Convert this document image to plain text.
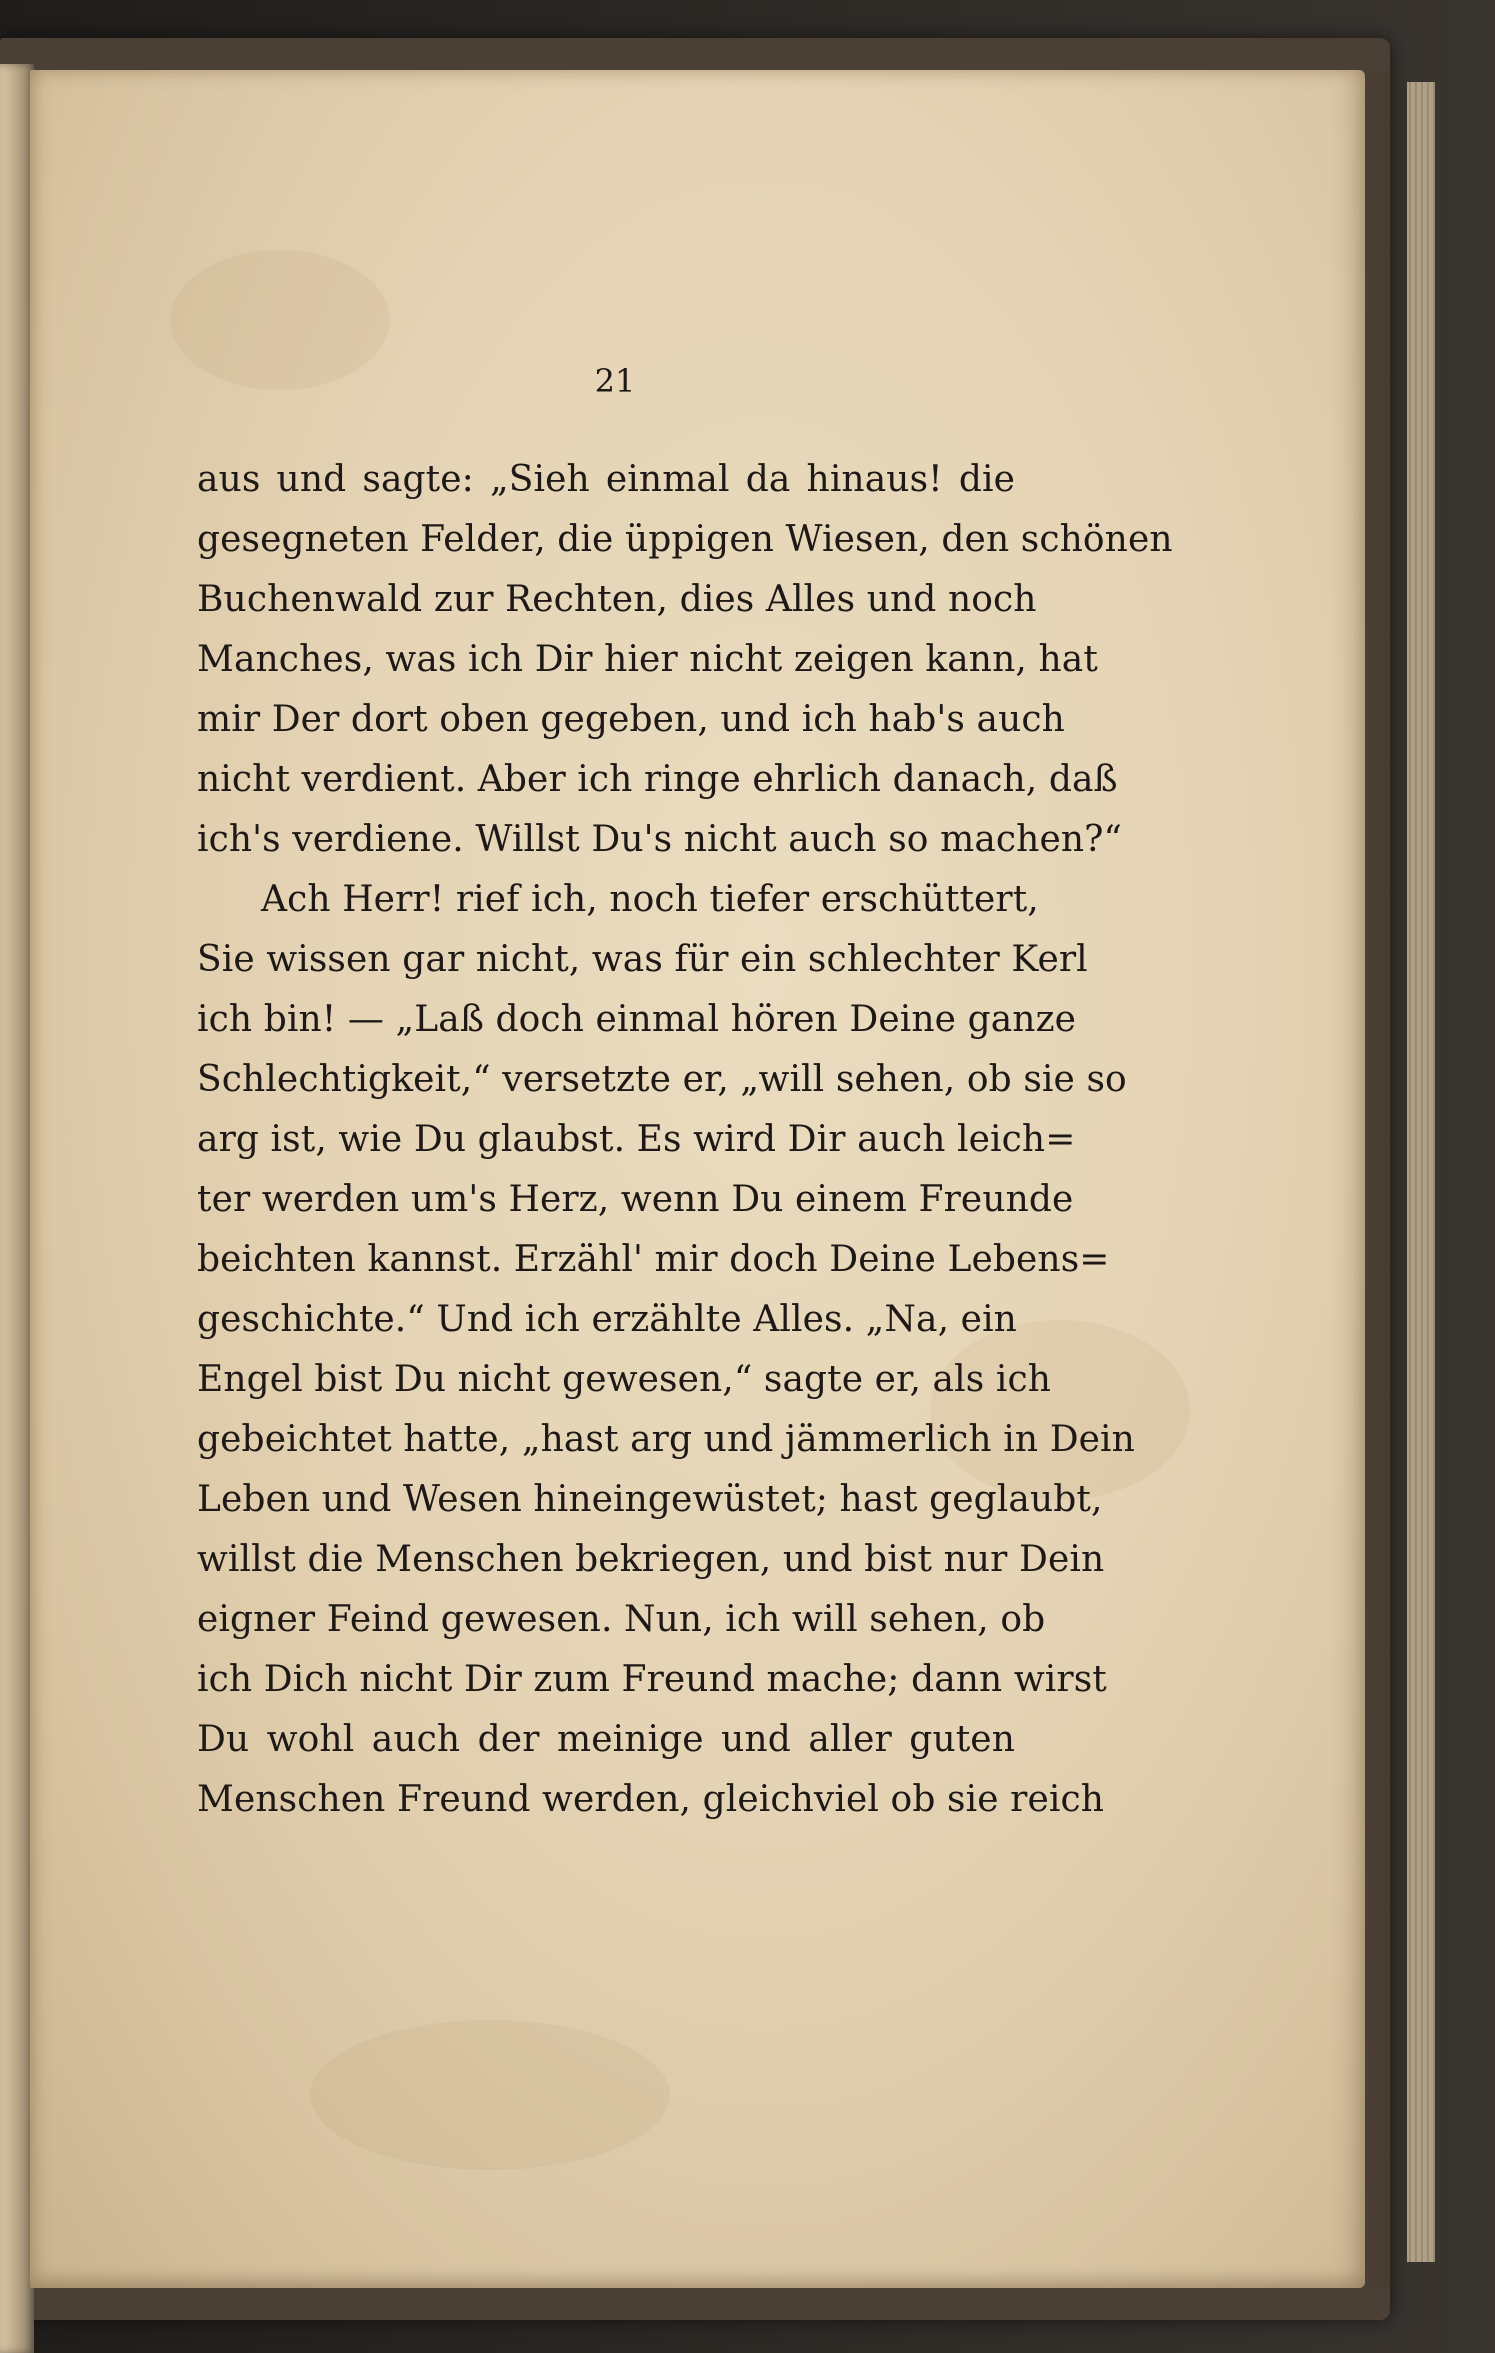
21
aus und sagte: „Sieh einmal da hinaus! die
gesegneten Felder, die üppigen Wiesen, den schönen
Buchenwald zur Rechten, dies Alles und noch
Manches, was ich Dir hier nicht zeigen kann, hat
mir Der dort oben gegeben, und ich hab's auch
nicht verdient. Aber ich ringe ehrlich danach, daß
ich's verdiene. Willst Du's nicht auch so machen?“
Ach Herr! rief ich, noch tiefer erschüttert,
Sie wissen gar nicht, was für ein schlechter Kerl
ich bin! — „Laß doch einmal hören Deine ganze
Schlechtigkeit,“ versetzte er, „will sehen, ob sie so
arg ist, wie Du glaubst. Es wird Dir auch leich=
ter werden um's Herz, wenn Du einem Freunde
beichten kannst. Erzähl' mir doch Deine Lebens=
geschichte.“ Und ich erzählte Alles. „Na, ein
Engel bist Du nicht gewesen,“ sagte er, als ich
gebeichtet hatte, „hast arg und jämmerlich in Dein
Leben und Wesen hineingewüstet; hast geglaubt,
willst die Menschen bekriegen, und bist nur Dein
eigner Feind gewesen. Nun, ich will sehen, ob
ich Dich nicht Dir zum Freund mache; dann wirst
Du wohl auch der meinige und aller guten
Menschen Freund werden, gleichviel ob sie reich
